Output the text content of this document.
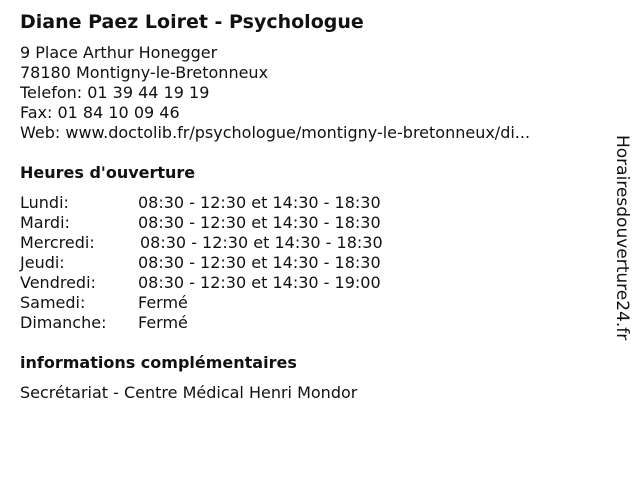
Diane Paez Loiret - Psychologue
9 Place Arthur Honegger
78180 Montigny-le-Bretonneux
Telefon: 01 39 44 19 19
Fax: 01 84 10 09 46
Web: www.doctolib.fr/psychologue/montigny-le-bretonneux/di...
Heures d'ouverture
Lundi:	08:30 - 12:30 et 14:30 - 18:30
Mardi:	08:30 - 12:30 et 14:30 - 18:30
Mercredi:	08:30 - 12:30 et 14:30 - 18:30
Jeudi:	08:30 - 12:30 et 14:30 - 18:30
Vendredi:	08:30 - 12:30 et 14:30 - 19:00
Samedi:	Fermé
Dimanche: Fermé
informations complémentaires
Secrétariat - Centre Médical Henri Mondor
Horairesdouverture24.fr
